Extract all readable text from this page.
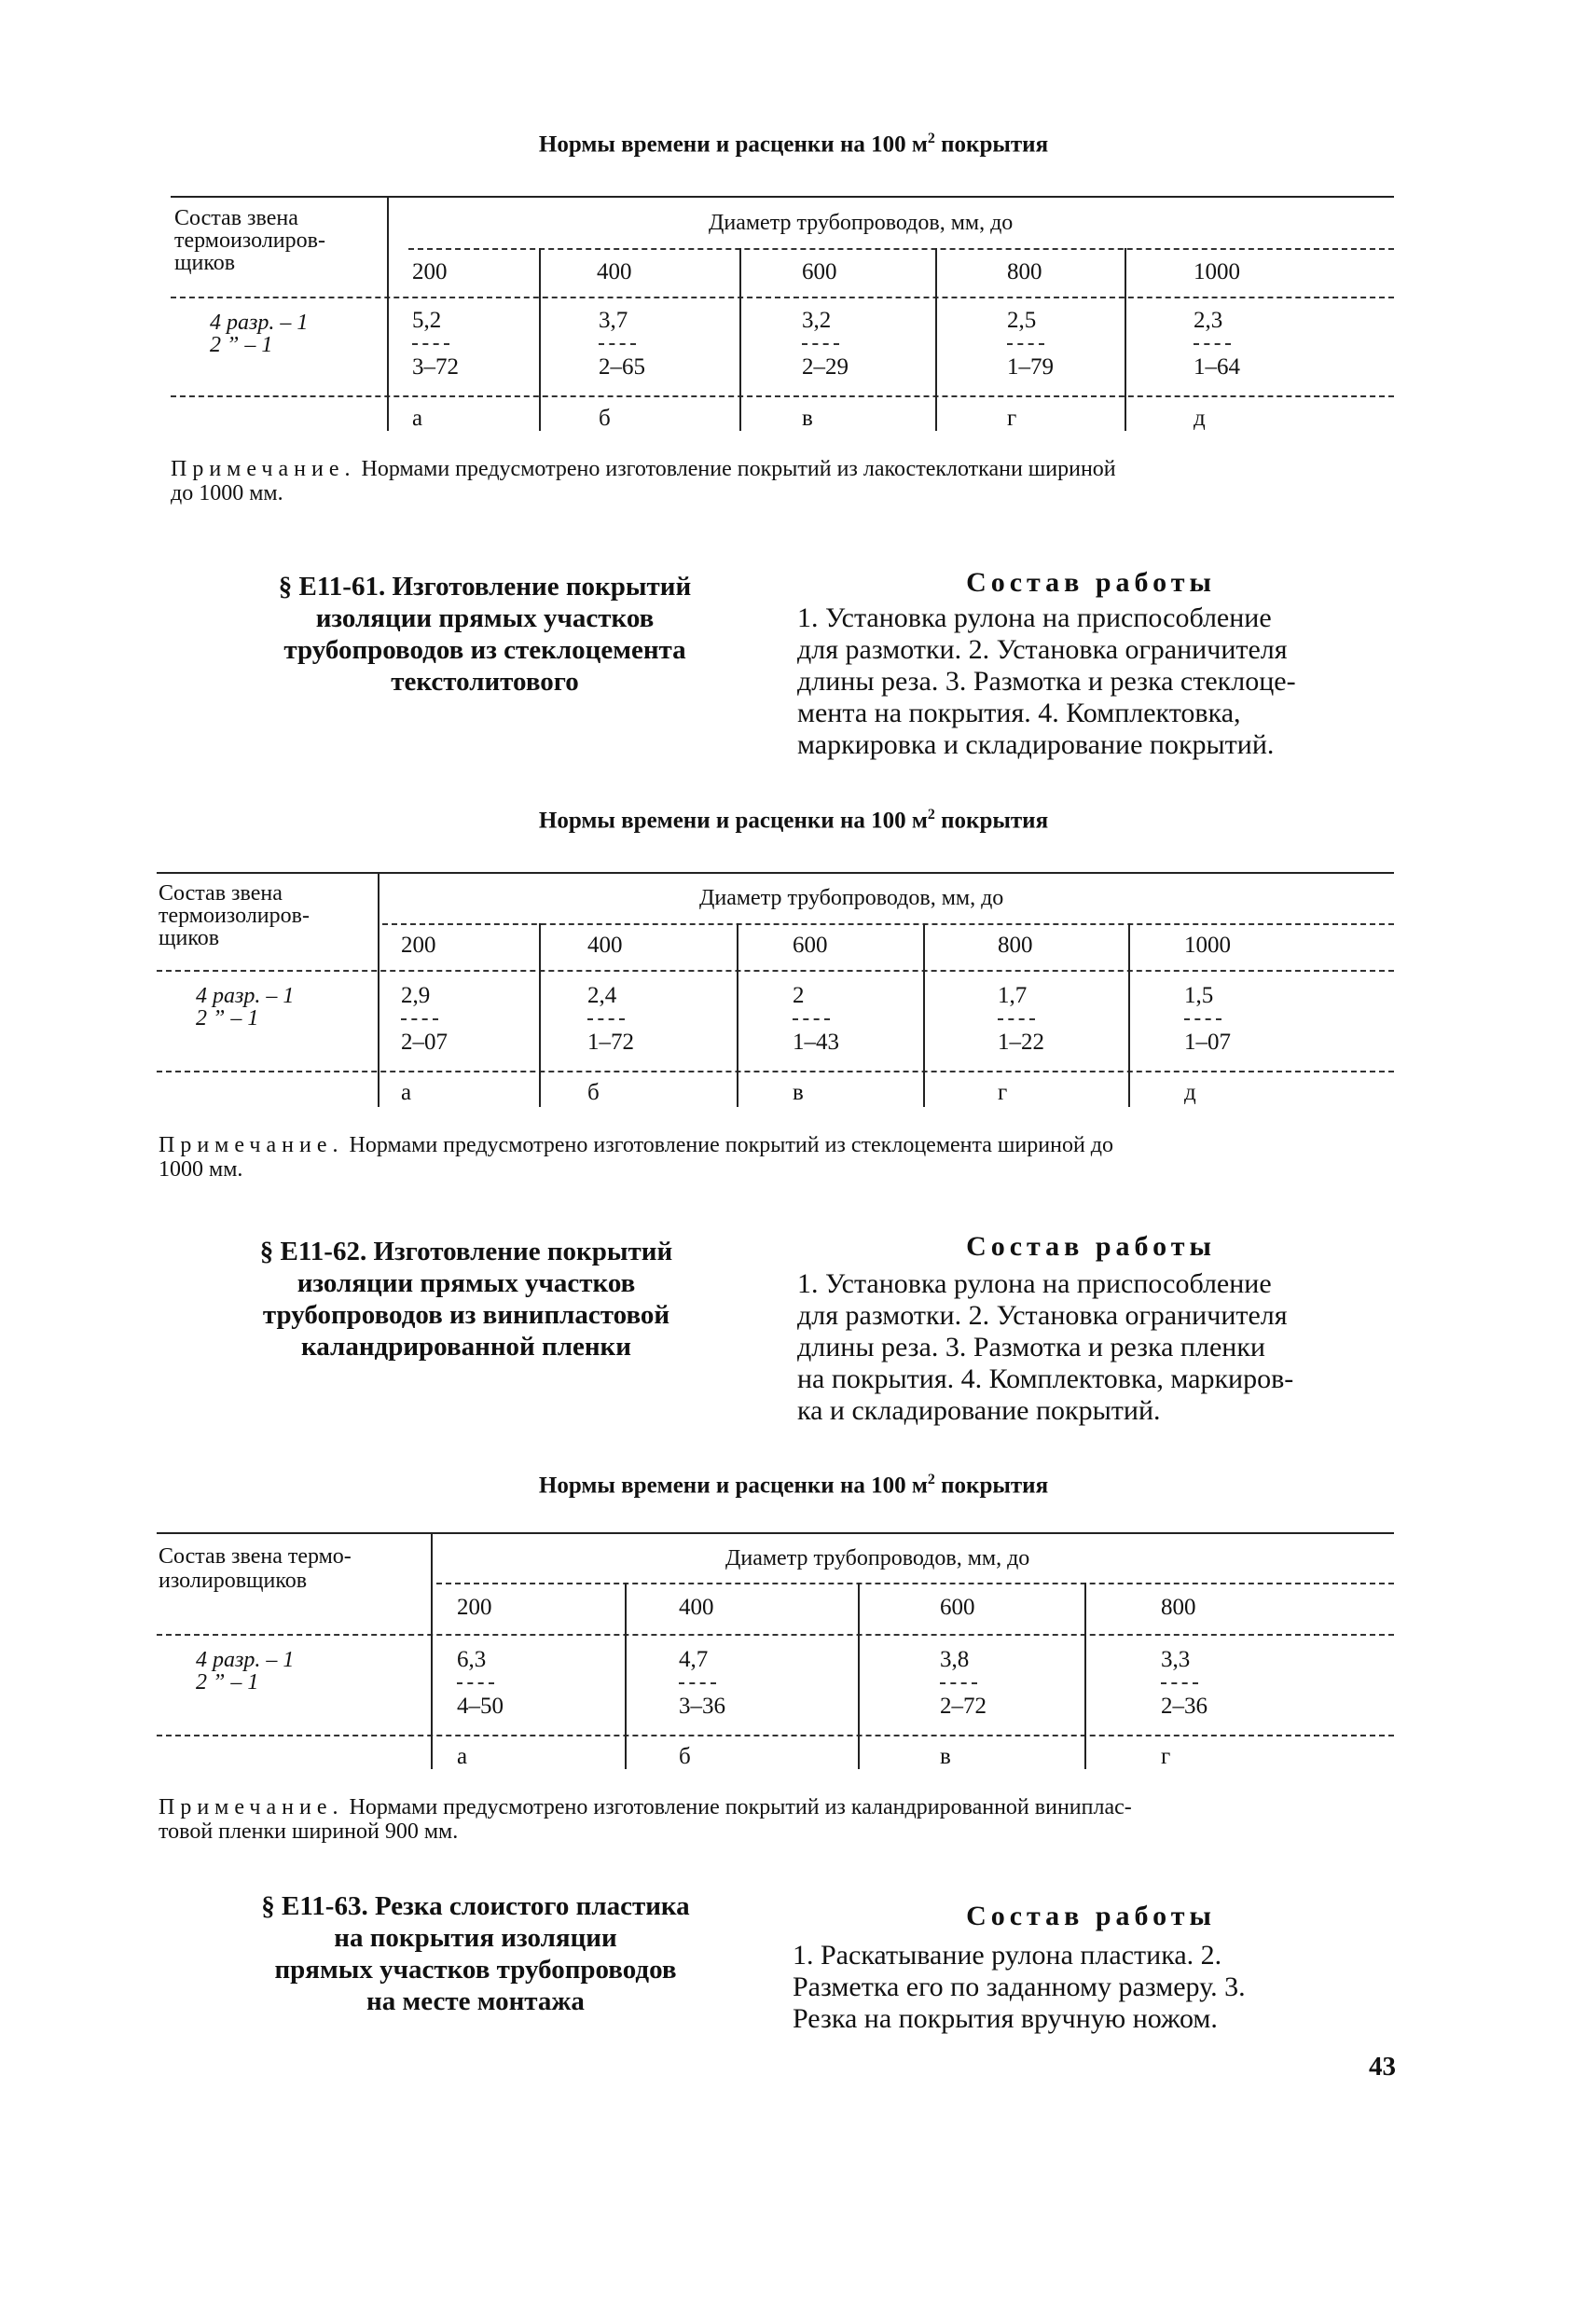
Нормы времени и расценки на 100 $м^2$ покрытия
Состав звена
термоизолиров-
щиков
Диаметр трубопроводов, мм, до
200	400	600	800	1000
4 разр. – 1
2 ” – 1
5,2	3,7	3,2	2,5	2,3
3–72	2–65	2–29	1–79	1–64
а	б	в	г	д
Примечание. Нормами предусмотрено изготовление покрытий из лакостеклоткани шириной
до 1000 мм.
§ Е11-61. Изготовление покрытий
изоляции прямых участков
трубопроводов из стеклоцемента
текстолитового
Состав работы
1. Установка рулона на приспособление
для размотки. 2. Установка ограничителя
длины реза. 3. Размотка и резка стеклоце-
мента на покрытия. 4. Комплектовка,
маркировка и складирование покрытий.
Нормы времени и расценки на 100 $м^2$ покрытия
Состав звена
термоизолиров-
щиков
Диаметр трубопроводов, мм, до
200	400	600	800	1000
4 разр. – 1
2 ” – 1
2,9	2,4	2	1,7	1,5
2–07	1–72	1–43	1–22	1–07
а	б	в	г	д
Примечание. Нормами предусмотрено изготовление покрытий из стеклоцемента шириной до
1000 мм.
§ Е11-62. Изготовление покрытий
изоляции прямых участков
трубопроводов из винипластовой
каландрированной пленки
Состав работы
1. Установка рулона на приспособление
для размотки. 2. Установка ограничителя
длины реза. 3. Размотка и резка пленки
на покрытия. 4. Комплектовка, маркиров-
ка и складирование покрытий.
Нормы времени и расценки на 100 $м^2$ покрытия
Состав звена термо-
изолировщиков
Диаметр трубопроводов, мм, до
200	400	600	800
4 разр. – 1
2 ” – 1
6,3	4,7	3,8	3,3
4–50	3–36	2–72	2–36
а	б	в	г
Примечание. Нормами предусмотрено изготовление покрытий из каландрированной виниплас-
товой пленки шириной 900 мм.
§ Е11-63. Резка слоистого пластика
на покрытия изоляции
прямых участков трубопроводов
на месте монтажа
Состав работы
1. Раскатывание рулона пластика. 2.
Разметка его по заданному размеру. 3.
Резка на покрытия вручную ножом.
43
